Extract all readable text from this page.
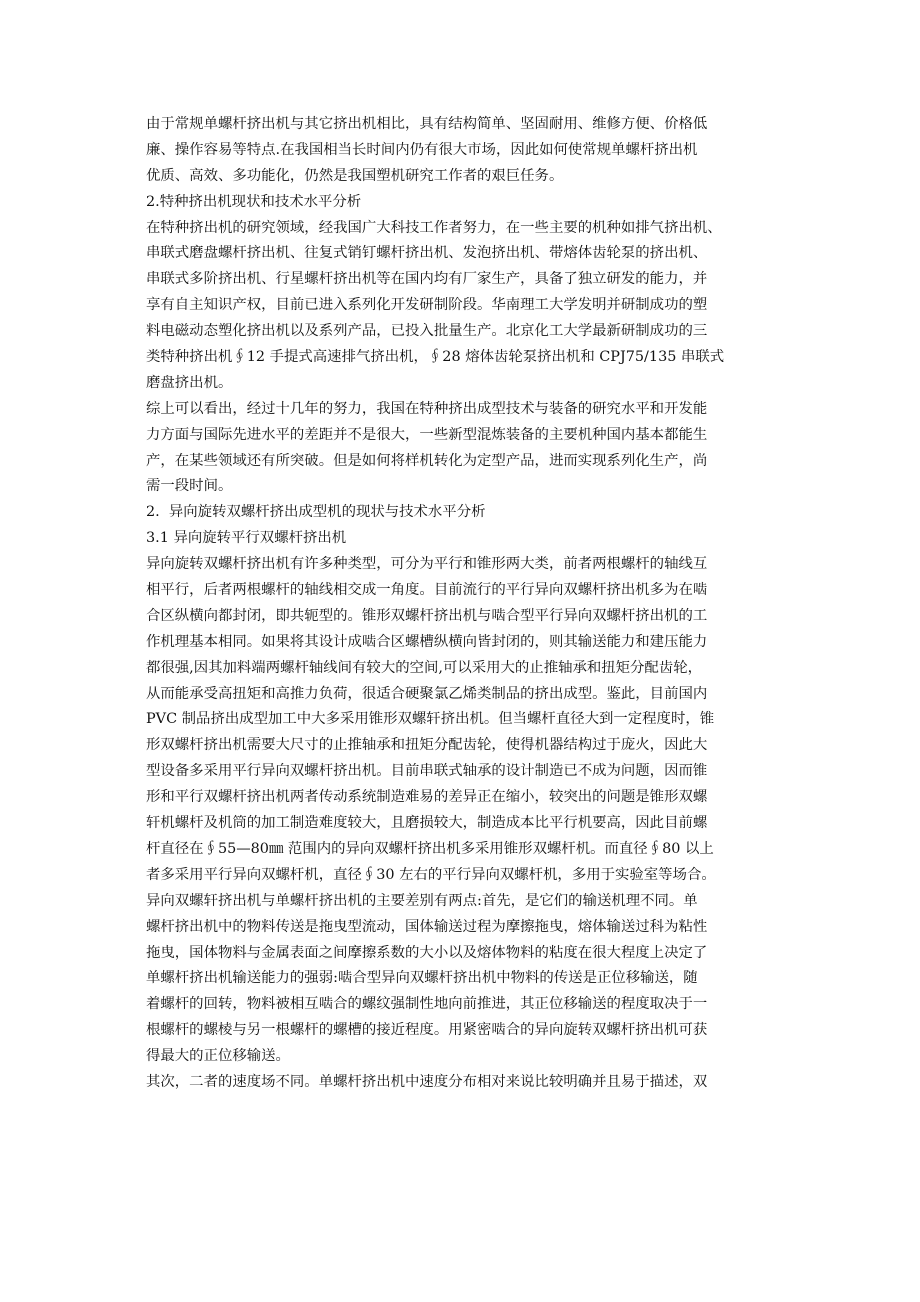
由于常规单螺杆挤出机与其它挤出机相比，具有结构简单、坚固耐用、维修方便、价格低
廉、操作容易等特点.在我国相当长时间内仍有很大市场，因此如何使常规单螺杆挤出机
优质、高效、多功能化，仍然是我国塑机研究工作者的艰巨任务。
2.特种挤出机现状和技术水平分析
在特种挤出机的研究领域，经我国广大科技工作者努力，在一些主要的机种如排气挤出机、
串联式磨盘螺杆挤出机、往复式销钉螺杆挤出机、发泡挤出机、带熔体齿轮泵的挤出机、
串联式多阶挤出机、行星螺杆挤出机等在国内均有厂家生产，具备了独立研发的能力，并
享有自主知识产权，目前已进入系列化开发研制阶段。华南理工大学发明并研制成功的塑
料电磁动态塑化挤出机以及系列产品，已投入批量生产。北京化工大学最新研制成功的三
类特种挤出机∮12 手提式高速排气挤出机，∮28 熔体齿轮泵挤出机和 CPJ75/135 串联式
磨盘挤出机。
综上可以看出，经过十几年的努力，我国在特种挤出成型技术与装备的研究水平和开发能
力方面与国际先进水平的差距并不是很大，一些新型混炼装备的主要机种国内基本都能生
产，在某些领域还有所突破。但是如何将样机转化为定型产品，进而实现系列化生产，尚
需一段时间。
2.  异向旋转双螺杆挤出成型机的现状与技术水平分析
3.1 异向旋转平行双螺杆挤出机
异向旋转双螺杆挤出机有许多种类型，可分为平行和锥形两大类，前者两根螺杆的轴线互
相平行，后者两根螺杆的轴线相交成一角度。目前流行的平行异向双螺杆挤出机多为在啮
合区纵横向都封闭，即共轭型的。锥形双螺杆挤出机与啮合型平行异向双螺杆挤出机的工
作机理基本相同。如果将其设计成啮合区螺槽纵横向皆封闭的，则其输送能力和建压能力
都很强,因其加料端两螺杆轴线间有较大的空间,可以采用大的止推轴承和扭矩分配齿轮，
从而能承受高扭矩和高推力负荷，很适合硬聚氯乙烯类制品的挤出成型。鉴此，目前国内
PVC 制品挤出成型加工中大多采用锥形双螺轩挤出机。但当螺杆直径大到一定程度时，锥
形双螺杆挤出机需要大尺寸的止推轴承和扭矩分配齿轮，使得机器结构过于庞火，因此大
型设备多采用平行异向双螺杆挤出机。目前串联式轴承的设计制造已不成为问题，因而锥
形和平行双螺杆挤出机两者传动系统制造难易的差异正在缩小，较突出的问题是锥形双螺
轩机螺杆及机筒的加工制造难度较大，且磨损较大，制造成本比平行机要高，因此目前螺
杆直径在∮55—80㎜ 范围内的异向双螺杆挤出机多采用锥形双螺杆机。而直径∮80 以上
者多采用平行异向双螺杆机，直径∮30 左右的平行异向双螺杆机，多用于实验室等场合。
异向双螺轩挤出机与单螺杆挤出机的主要差别有两点:首先，是它们的输送机理不同。单
螺杆挤出机中的物料传送是拖曳型流动，国体输送过程为摩擦拖曳，熔体输送过科为粘性
拖曳，国体物料与金属表面之间摩擦系数的大小以及熔体物料的粘度在很大程度上决定了
单螺杆挤出机输送能力的强弱:啮合型异向双螺杆挤出机中物料的传送是正位移输送，随
着螺杆的回转，物料被相互啮合的螺纹强制性地向前推进，其正位移输送的程度取决于一
根螺杆的螺棱与另一根螺杆的螺槽的接近程度。用紧密啮合的异向旋转双螺杆挤出机可获
得最大的正位移输送。
其次，二者的速度场不同。单螺杆挤出机中速度分布相对来说比较明确并且易于描述，双
